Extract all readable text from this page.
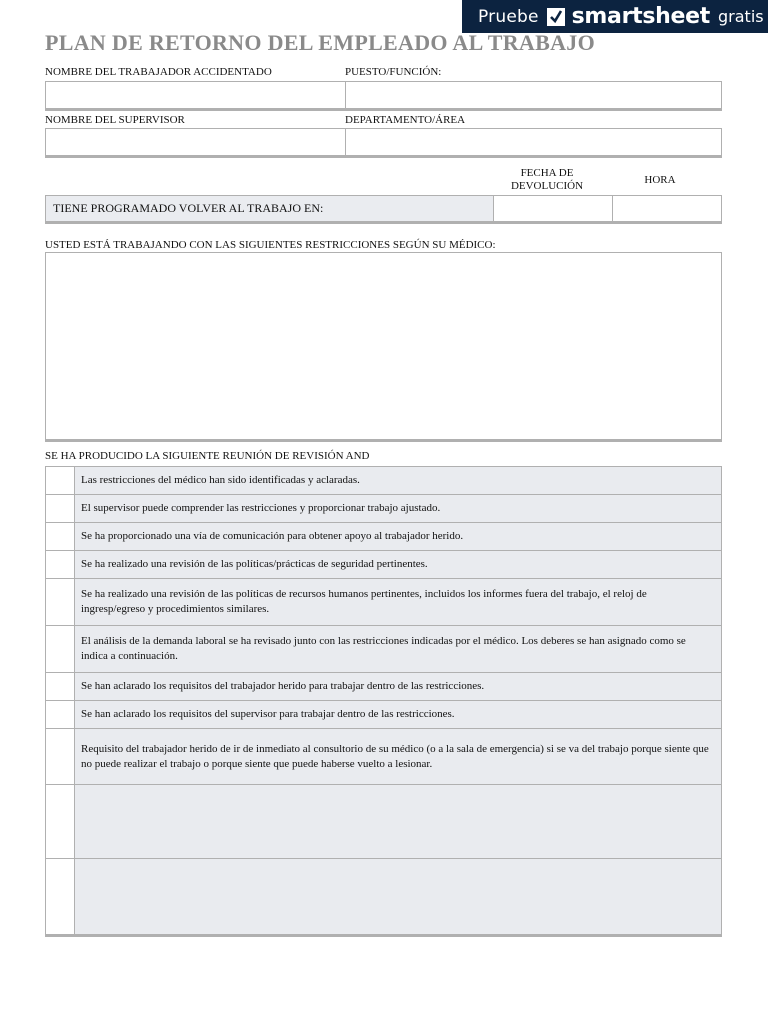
Pruebe smartsheet gratis
PLAN DE RETORNO DEL EMPLEADO AL TRABAJO
NOMBRE DEL TRABAJADOR ACCIDENTADO	PUESTO/FUNCIÓN:
NOMBRE DEL SUPERVISOR	DEPARTAMENTO/ÁREA
FECHA DE DEVOLUCIÓN	HORA
TIENE PROGRAMADO VOLVER AL TRABAJO EN:
USTED ESTÁ TRABAJANDO CON LAS SIGUIENTES RESTRICCIONES SEGÚN SU MÉDICO:
SE HA PRODUCIDO LA SIGUIENTE REUNIÓN DE REVISIÓN AND
Las restricciones del médico han sido identificadas y aclaradas.
El supervisor puede comprender las restricciones y proporcionar trabajo ajustado.
Se ha proporcionado una vía de comunicación para obtener apoyo al trabajador herido.
Se ha realizado una revisión de las políticas/prácticas de seguridad pertinentes.
Se ha realizado una revisión de las políticas de recursos humanos pertinentes, incluidos los informes fuera del trabajo, el reloj de ingresp/egreso y procedimientos similares.
El análisis de la demanda laboral se ha revisado junto con las restricciones indicadas por el médico. Los deberes se han asignado como se indica a continuación.
Se han aclarado los requisitos del trabajador herido para trabajar dentro de las restricciones.
Se han aclarado los requisitos del supervisor para trabajar dentro de las restricciones.
Requisito del trabajador herido de ir de inmediato al consultorio de su médico (o a la sala de emergencia) si se va del trabajo porque siente que no puede realizar el trabajo o porque siente que puede haberse vuelto a lesionar.
